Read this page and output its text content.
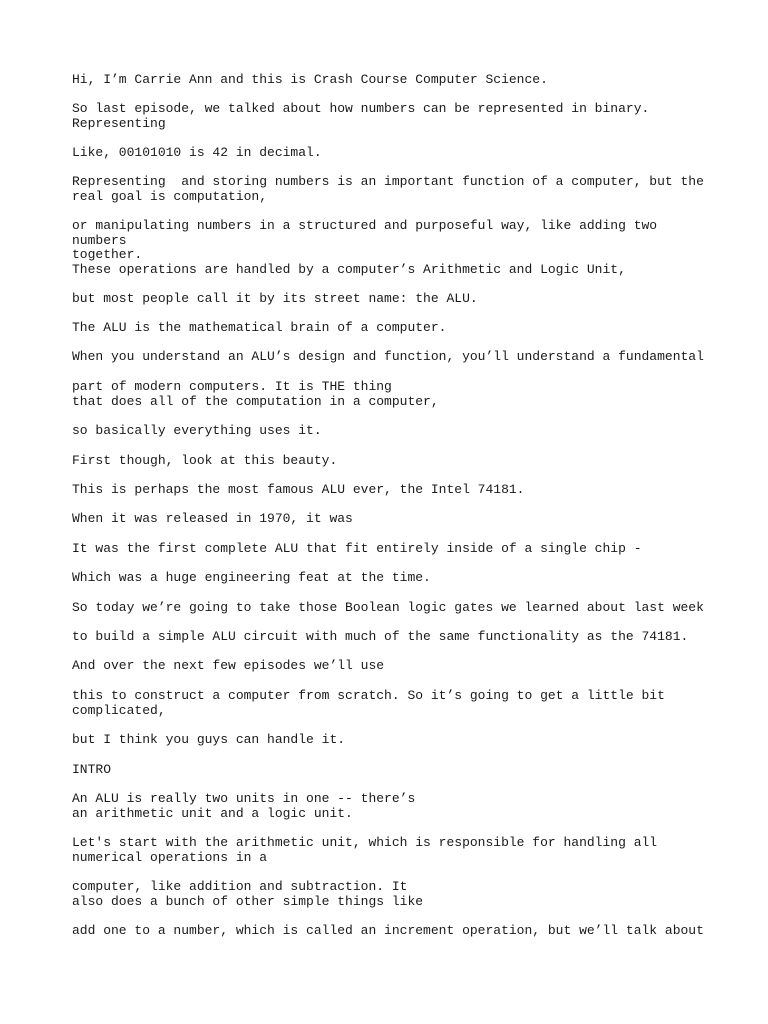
Hi, I’m Carrie Ann and this is Crash Course Computer Science.

So last episode, we talked about how numbers can be represented in binary.
Representing

Like, 00101010 is 42 in decimal.

Representing  and storing numbers is an important function of a computer, but the
real goal is computation,

or manipulating numbers in a structured and purposeful way, like adding two numbers
together.

These operations are handled by a computer’s Arithmetic and Logic Unit,

but most people call it by its street name: the ALU.

The ALU is the mathematical brain of a computer.

When you understand an ALU’s design and function, you’ll understand a fundamental

part of modern computers. It is THE thing
that does all of the computation in a computer,

so basically everything uses it.

First though, look at this beauty.

This is perhaps the most famous ALU ever, the Intel 74181.

When it was released in 1970, it was

It was the first complete ALU that fit entirely inside of a single chip -

Which was a huge engineering feat at the time.

So today we’re going to take those Boolean logic gates we learned about last week

to build a simple ALU circuit with much of the same functionality as the 74181.

And over the next few episodes we’ll use

this to construct a computer from scratch. So it’s going to get a little bit
complicated,

but I think you guys can handle it.

INTRO

An ALU is really two units in one -- there’s
an arithmetic unit and a logic unit.

Let's start with the arithmetic unit, which is responsible for handling all
numerical operations in a

computer, like addition and subtraction. It
also does a bunch of other simple things like

add one to a number, which is called an increment operation, but we’ll talk about
